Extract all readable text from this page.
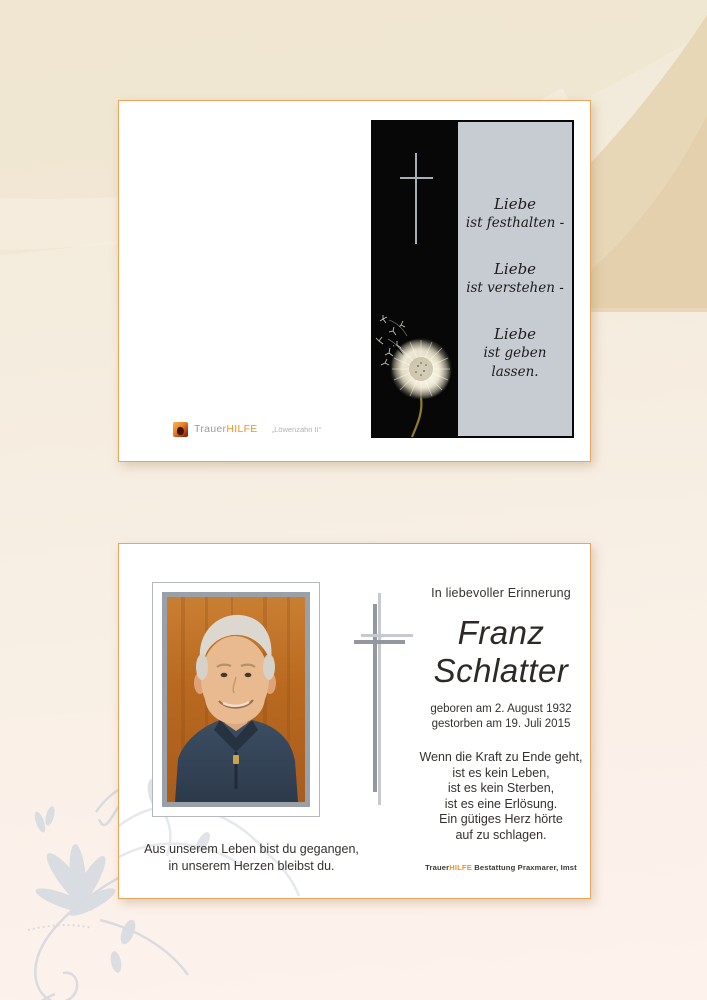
Liebe
ist festhalten -
Liebe
ist verstehen -
Liebe
ist geben lassen.
TrauerHILFE „Löwenzahn II“
In liebevoller Erinnerung
Franz
Schlatter
geboren am 2. August 1932
gestorben am 19. Juli 2015
Wenn die Kraft zu Ende geht,
ist es kein Leben,
ist es kein Sterben,
ist es eine Erlösung.
Ein gütiges Herz hörte
auf zu schlagen.
TrauerHILFE Bestattung Praxmarer, Imst
Aus unserem Leben bist du gegangen,
in unserem Herzen bleibst du.
